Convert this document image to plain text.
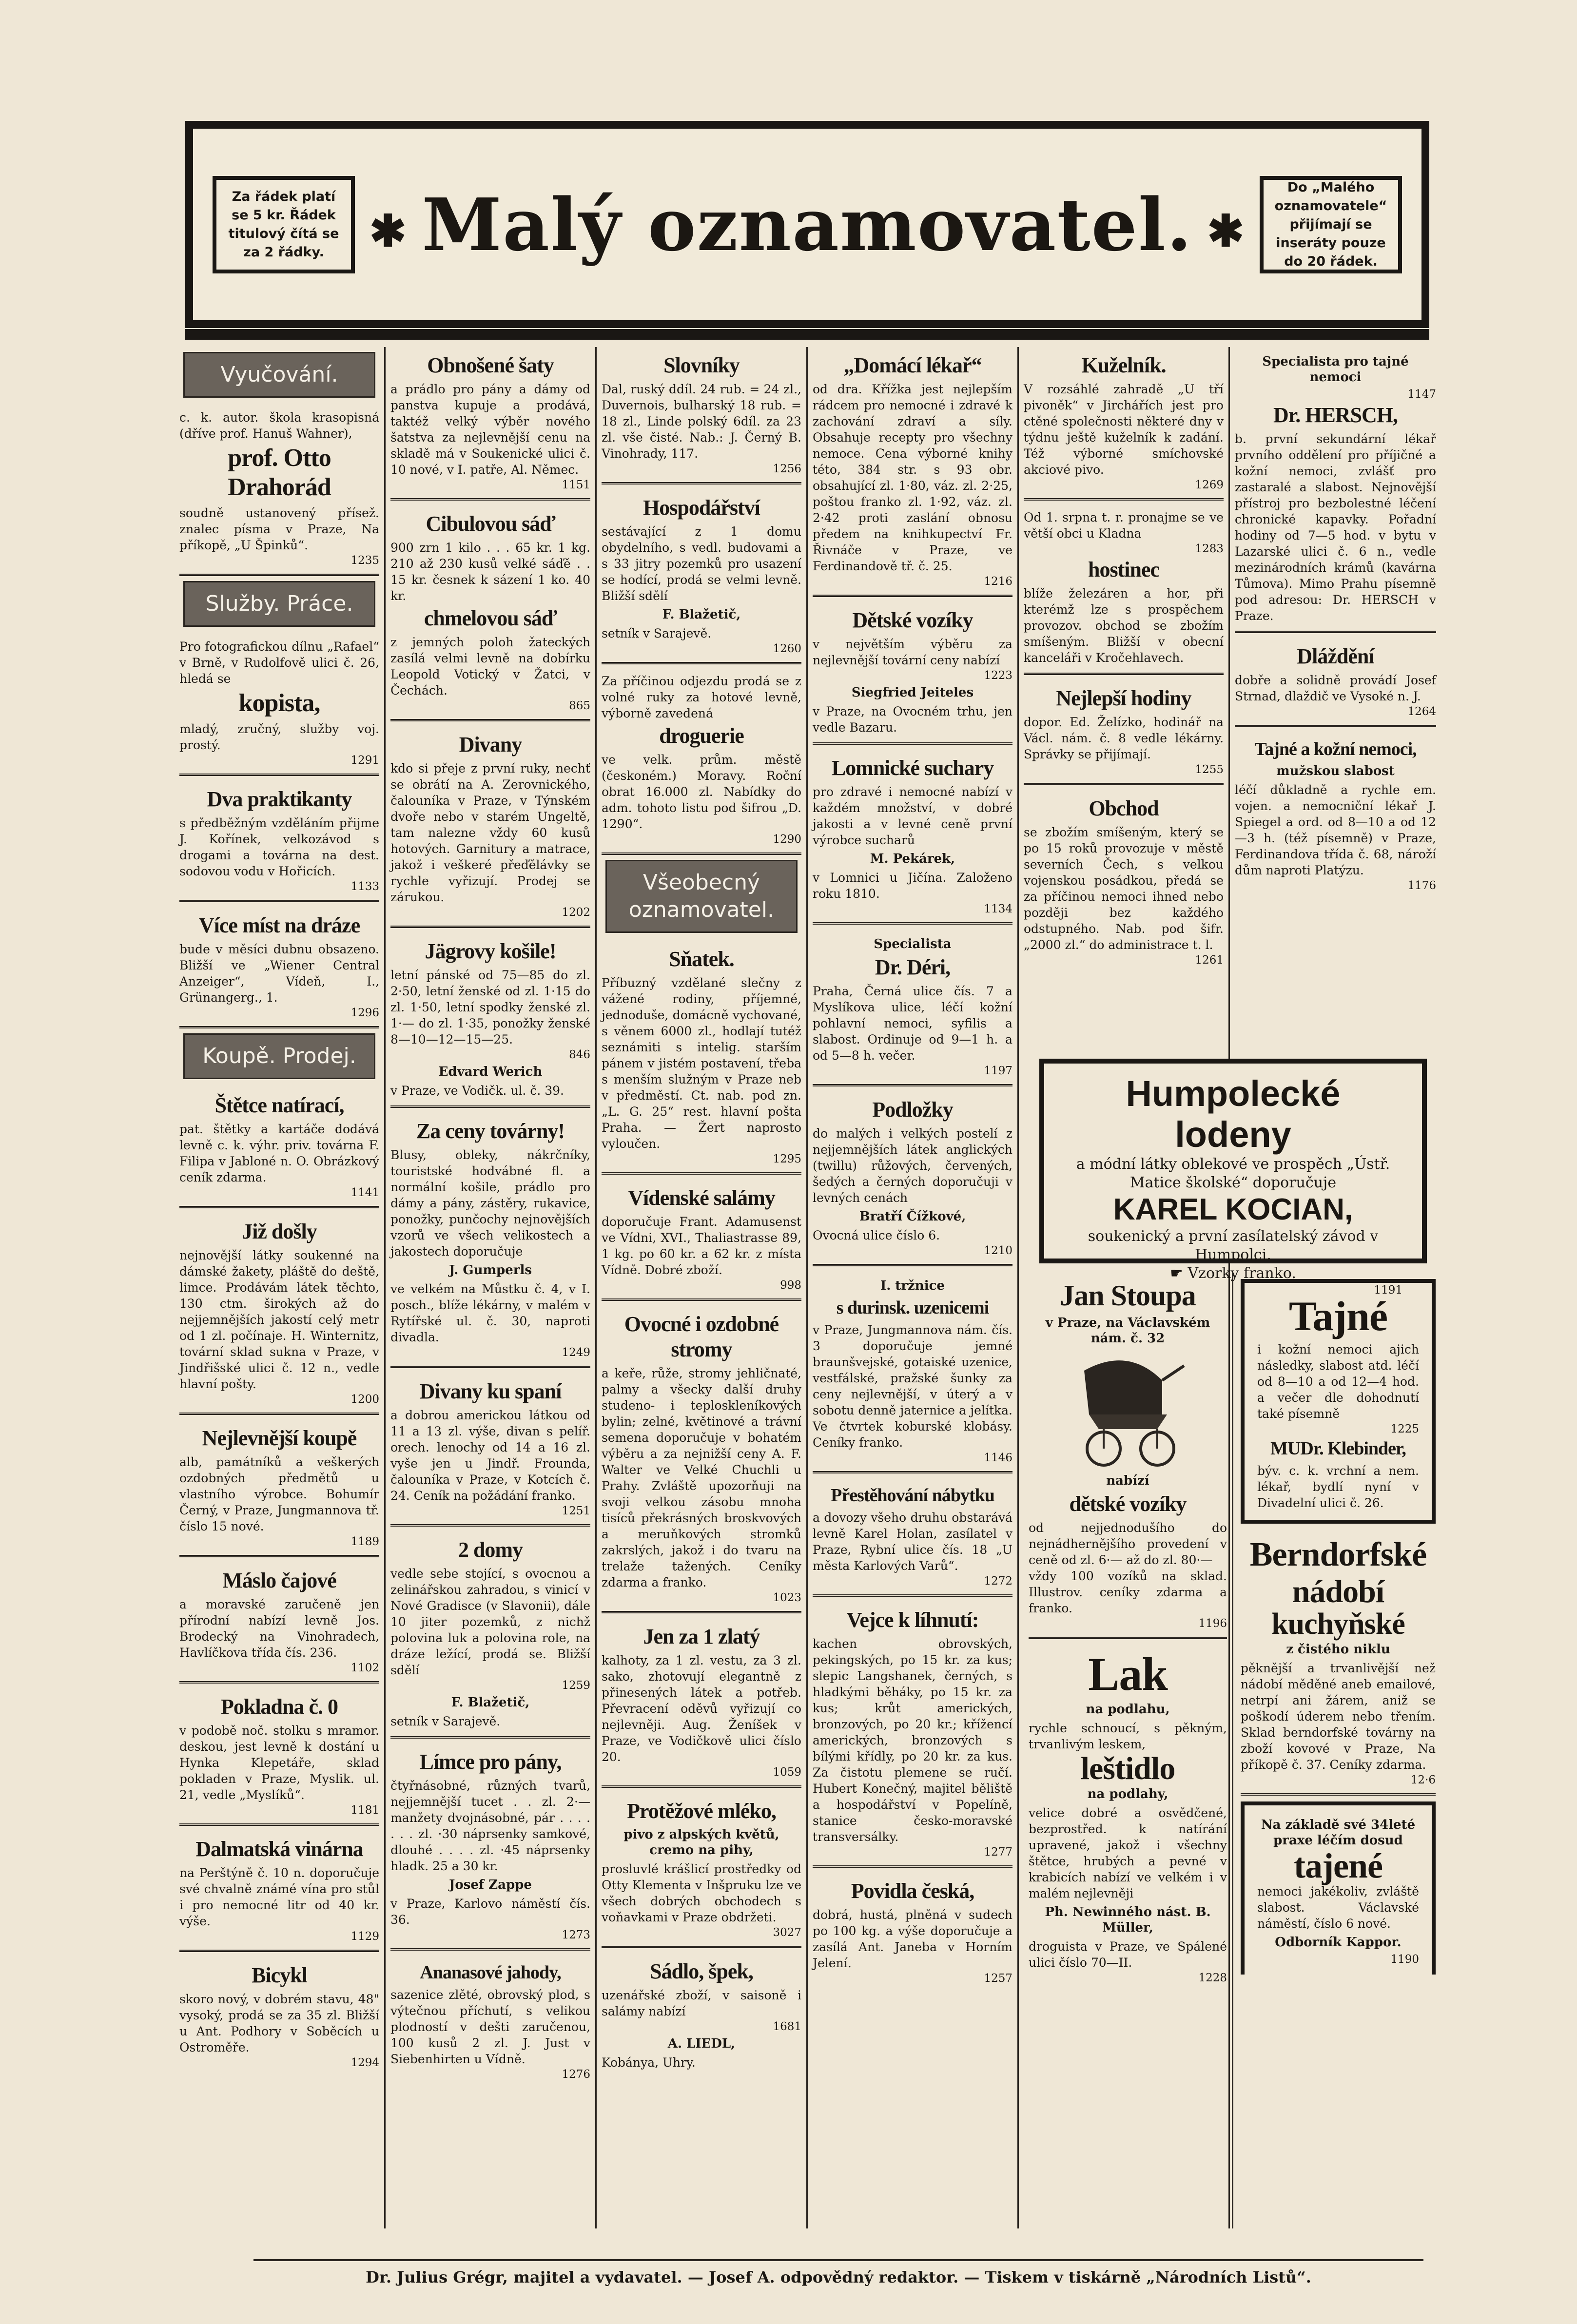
Za řádek platí se 5 kr. Řádek titulový čítá se za 2 řádky.	✱ Malý oznamovatel. ✱
Do „Malého oznamovatele“ přijímají se inseráty pouze do 20 řádek.
Vyučování.
c. k. autor. škola krasopisná (dříve prof. Hanuš Wahner),
prof. Otto Drahorád
soudně ustanovený přísež. znalec písma v Praze, Na příkopě, „U Špinků“.
1235
Služby. Práce.
Pro fotografickou dílnu „Rafael“ v Brně, v Rudolfově ulici č. 26, hledá se
kopista,
mladý, zručný, služby voj. prostý.
1291
Dva praktikanty
s předběžným vzděláním přijme J. Kořínek, velkozávod s drogami a továrna na dest. sodovou vodu v Hořicích.
1133
Více míst na dráze
bude v měsíci dubnu obsazeno. Bližší ve „Wiener Central Anzeiger“, Vídeň, I., Grünangerg., 1.
1296
Koupě. Prodej.
Štětce natírací,
pat. štětky a kartáče dodává levně c. k. výhr. priv. továrna F. Filipa v Jabloné n. O. Obrázkový ceník zdarma.
1141
Již došly
nejnovější látky soukenné na dámské žakety, pláště do deště, limce. Prodávám látek těchto, 130 ctm. širokých až do nejjemnějších jakostí celý metr od 1 zl. počínaje. H. Winternitz, tovární sklad sukna v Praze, v Jindřišské ulici č. 12 n., vedle hlavní pošty.
1200
Nejlevnější koupě
alb, památníků a veškerých ozdobných předmětů u vlastního výrobce. Bohumír Černý, v Praze, Jungmannova tř. číslo 15 nové.
1189
Máslo čajové
a moravské zaručeně jen přírodní nabízí levně Jos. Brodecký na Vinohradech, Havlíčkova třída čís. 236.
1102
Pokladna č. 0
v podobě noč. stolku s mramor. deskou, jest levně k dostání u Hynka Klepetáře, sklad pokladen v Praze, Myslik. ul. 21, vedle „Myslíků“.
1181
Dalmatská vinárna
na Perštýně č. 10 n. doporučuje své chvalně známé vína pro stůl i pro nemocné litr od 40 kr. výše.
1129
Bicykl
skoro nový, v dobrém stavu, 48" vysoký, prodá se za 35 zl. Bližší u Ant. Podhory v Soběcích u Ostroměře.
1294
Obnošené šaty
a prádlo pro pány a dámy od panstva kupuje a prodává, taktéž velký výběr nového šatstva za nejlevnější cenu na skladě má v Soukenické ulici č. 10 nové, v I. patře, Al. Němec.
1151
Cibulovou sáď
900 zrn 1 kilo . . . 65 kr. 1 kg. 210 až 230 kusů velké sáďě . . 15 kr. česnek k sázení 1 ko. 40 kr.
chmelovou sáď
z jemných poloh žateckých zasílá velmi levně na dobírku Leopold Votický v Žatci, v Čechách.
865
Divany
kdo si přeje z první ruky, nechť se obrátí na A. Zerovnického, čalouníka v Praze, v Týnském dvoře nebo v starém Ungeltě, tam nalezne vždy 60 kusů hotových. Garnitury a matrace, jakož i veškeré přeďělávky se rychle vyřizují. Prodej se zárukou.
1202
Jägrovy košile!
letní pánské od 75—85 do zl. 2·50, letní ženské od zl. 1·15 do zl. 1·50, letní spodky ženské zl. 1·— do zl. 1·35, ponožky ženské 8—10—12—15—25.
846
Edvard Werich
v Praze, ve Vodičk. ul. č. 39.
Za ceny továrny!
Blusy, obleky, nákrčníky, touristské hodvábné fl. a normální košile, prádlo pro dámy a pány, zástěry, rukavice, ponožky, punčochy nejnovějších vzorů ve všech velikostech a jakostech doporučuje
J. Gumperls
ve velkém na Můstku č. 4, v I. posch., blíže lékárny, v malém v Rytířské ul. č. 30, naproti divadla.
1249
Divany ku spaní
a dobrou americkou látkou od 11 a 13 zl. výše, divan s pelíř. orech. lenochy od 14 a 16 zl. vyše jen u Jindř. Frounda, čalouníka v Praze, v Kotcích č. 24. Ceník na požádání franko.
1251
2 domy
vedle sebe stojící, s ovocnou a zelinářskou zahradou, s vinicí v Nové Gradisce (v Slavonii), dále 10 jiter pozemků, z nichž polovina luk a polovina role, na dráze ležící, prodá se. Bližší sdělí
1259
F. Blažetič,
setník v Sarajevě.
Límce pro pány,
čtyřnásobné, různých tvarů, nejjemnější tucet . . zl. 2·— manžety dvojnásobné, pár . . . . . . . zl. ·30 náprsenky samkové, dlouhé . . . . zl. ·45 náprsenky hladk. 25 a 30 kr.
Josef Zappe
v Praze, Karlovo náměstí čís. 36.
1273
Ananasové jahody,
sazenice zlěté, obrovský plod, s výtečnou příchutí, s velikou plodností v dešti zaručenou, 100 kusů 2 zl. J. Just v Siebenhirten u Vídně.
1276
Slovníky
Dal, ruský ddíl. 24 rub. = 24 zl., Duvernois, bulharský 18 rub. = 18 zl., Linde polský 6díl. za 23 zl. vše čisté. Nab.: J. Černý B. Vinohrady, 117.
1256
Hospodářství
sestávající z 1 domu obydelního, s vedl. budovami a s 33 jitry pozemků pro usazení se hodící, prodá se velmi levně. Bližší sdělí
F. Blažetič,
setník v Sarajevě.
1260
Za příčinou odjezdu prodá se z volné ruky za hotové levně, výborně zavedená
droguerie
ve velk. prům. městě (českoném.) Moravy. Roční obrat 16.000 zl. Nabídky do adm. tohoto listu pod šifrou „D. 1290“.
1290
Všeobecný oznamovatel.
Sňatek.
Příbuzný vzdělané slečny z vážené rodiny, příjemné, jednoduše, domácně vychované, s věnem 6000 zl., hodlají tutéž seznámiti s intelig. starším pánem v jistém postavení, třeba s menším služným v Praze neb v předměstí. Ct. nab. pod zn. „L. G. 25“ rest. hlavní pošta Praha. — Žert naprosto vyloučen.
1295
Vídenské salámy
doporučuje Frant. Adamusenst ve Vídni, XVI., Thaliastrasse 89, 1 kg. po 60 kr. a 62 kr. z místa Vídně. Dobré zboží.
998
Ovocné i ozdobné stromy
a keře, růže, stromy jehličnaté, palmy a všecky další druhy studeno- i teploskleníkových bylin; zelné, květinové a trávní semena doporučuje v bohatém výběru a za nejnižší ceny A. F. Walter ve Velké Chuchli u Prahy. Zvláště upozorňuji na svoji velkou zásobu mnoha tisíců překrásných broskvových a meruňkových stromků zakrslých, jakož i do tvaru na trelaže tažených. Ceníky zdarma a franko.
1023
Jen za 1 zlatý
kalhoty, za 1 zl. vestu, za 3 zl. sako, zhotovují elegantně z přinesených látek a potřeb. Převracení oděvů vyřizují co nejlevněji. Aug. Ženíšek v Praze, ve Vodičkově ulici číslo 20.
1059
Protěžové mléko,
pivo z alpských květů, cremo na pihy,
prosluvlé krášlicí prostředky od Otty Klementa v Inšpruku lze ve všech dobrých obchodech s voňavkami v Praze obdržeti.
3027
Sádlo, špek,
uzenářské zboží, v saisoně i salámy nabízí
1681
A. LIEDL,
Kobánya, Uhry.
„Domácí lékař“
od dra. Křížka jest nejlepším rádcem pro nemocné i zdravé k zachování zdraví a síly. Obsahuje recepty pro všechny nemoce. Cena výborné knihy této, 384 str. s 93 obr. obsahující zl. 1·80, váz. zl. 2·25, poštou franko zl. 1·92, váz. zl. 2·42 proti zaslání obnosu předem na knihkupectví Fr. Řivnáče v Praze, ve Ferdinandově tř. č. 25.
1216
Dětské vozíky
v největším výběru za nejlevnější tovární ceny nabízí
1223
Siegfried Jeiteles
v Praze, na Ovocném trhu, jen vedle Bazaru.
Lomnické suchary
pro zdravé i nemocné nabízí v každém množství, v dobré jakosti a v levné ceně první výrobce sucharů
M. Pekárek,
v Lomnici u Jičína. Založeno roku 1810.
1134
Specialista
Dr. Déri,
Praha, Černá ulice čís. 7 a Myslíkova ulice, léčí kožní pohlavní nemoci, syfilis a slabost. Ordinuje od 9—1 h. a od 5—8 h. večer.
1197
Podložky
do malých i velkých postelí z nejjemnějších látek anglických (twillu) růžových, červených, šedých a černých doporučuji v levných cenách
Bratří Čížkové,
Ovocná ulice číslo 6.
1210
I. tržnice
s durinsk. uzenicemi
v Praze, Jungmannova nám. čís. 3 doporučuje jemné braunšvejské, gotaiské uzenice, vestfálské, pražské šunky za ceny nejlevnější, v úterý a v sobotu denně jaternice a jelítka. Ve čtvrtek koburské klobásy. Ceníky franko.
1146
Přestěhování nábytku
a dovozy všeho druhu obstarává levně Karel Holan, zasílatel v Praze, Rybní ulice čís. 18 „U města Karlových Varů“.
1272
Vejce k líhnutí:
kachen obrovských, pekingských, po 15 kr. za kus; slepic Langshanek, černých, s hladkými běháky, po 15 kr. za kus; krůt amerických, bronzových, po 20 kr.; křížencí amerických, bronzových s bílými křídly, po 20 kr. za kus. Za čistotu plemene se ručí. Hubert Konečný, majitel běliště a hospodářství v Popelíně, stanice česko-moravské transversálky.
1277
Povidla česká,
dobrá, hustá, plněná v sudech po 100 kg. a výše doporučuje a zasílá Ant. Janeba v Horním Jelení.
1257
Kuželník.
V rozsáhlé zahradě „U tří pivoněk“ v Jirchářích jest pro ctěné společnosti některé dny v týdnu ještě kuželník k zadání. Též výborné smíchovské akciové pivo.
1269
Od 1. srpna t. r. pronajme se ve větší obci u Kladna
1283
hostinec
blíže železáren a hor, při kterémž lze s prospěchem provozov. obchod se zbožím smíšeným. Bližší v obecní kanceláři v Kročehlavech.
Nejlepší hodiny
dopor. Ed. Želízko, hodinář na Václ. nám. č. 8 vedle lékárny. Správky se přijímají.
1255
Obchod
se zbožím smíšeným, který se po 15 roků provozuje v městě severních Čech, s velkou vojenskou posádkou, předá se za příčinou nemoci ihned nebo později bez každého odstupného. Nab. pod šifr. „2000 zl.“ do administrace t. l.
1261
Specialista pro tajné nemoci
1147
Dr. HERSCH,
b. první sekundární lékař prvního oddělení pro příjičné a kožní nemoci, zvlášť pro zastaralé a slabost. Nejnovější přístroj pro bezbolestné léčení chronické kapavky. Pořadní hodiny od 7—5 hod. v bytu v Lazarské ulici č. 6 n., vedle mezinárodních krámů (kavárna Tůmova). Mimo Prahu písemně pod adresou: Dr. HERSCH v Praze.
Dláždění
dobře a solidně provádí Josef Strnad, dlaždič ve Vysoké n. J.
1264
Tajné a kožní nemoci,
mužskou slabost
léčí důkladně a rychle em. vojen. a nemocniční lékař J. Spiegel a ord. od 8—10 a od 12—3 h. (též písemně) v Praze, Ferdinandova třída č. 68, nároží dům naproti Platýzu.
1176
Humpolecké lodeny
a módní látky oblekové ve prospěch „Ústř. Matice školské“ doporučuje
KAREL KOCIAN,
soukenický a první zasílatelský závod v Humpolci.
☛ Vzorky franko.
1191
Jan Stoupa
v Praze, na Václavském nám. č. 32
nabízí
dětské vozíky
od nejjednodušího do nejnádhernějšího provedení v ceně od zl. 6·— až do zl. 80·—
vždy 100 vozíků na sklad. Illustrov. ceníky zdarma a franko.
1196
Lak
na podlahu,
rychle schnoucí, s pěkným, trvanlivým leskem,
leštidlo
na podlahy,
velice dobré a osvědčené, bezprostřed. k natírání upravené, jakož i všechny štětce, hrubých a pevné v krabicích nabízí ve velkém i v malém nejlevněji
Ph. Newinného nást. B. Müller,
droguista v Praze, ve Spálené ulici číslo 70—II.
1228
Tajné
i kožní nemoci ajich následky, slabost atd. léčí od 8—10 a od 12—4 hod. a večer dle dohodnutí také písemně
1225
MUDr. Klebinder,
býv. c. k. vrchní a nem. lékař, bydlí nyní v Divadelní ulici č. 26.
Berndorfské
nádobí
kuchyňské
z čistého niklu
pěknější a trvanlivější než nádobí měděné aneb emailové, netrpí ani žárem, aniž se poškodí úderem nebo třením. Sklad berndorfské továrny na zboží kovové v Praze, Na příkopě č. 37. Ceníky zdarma.
12·6
Na základě své 34leté praxe léčím dosud
tajené
nemoci jakékoliv, zvláště slabost. Václavské náměstí, číslo 6 nové.
Odborník Kappor.
1190
Dr. Julius Grégr, majitel a vydavatel. — Josef A. odpovědný redaktor. — Tiskem v tiskárně „Národních Listů“.
